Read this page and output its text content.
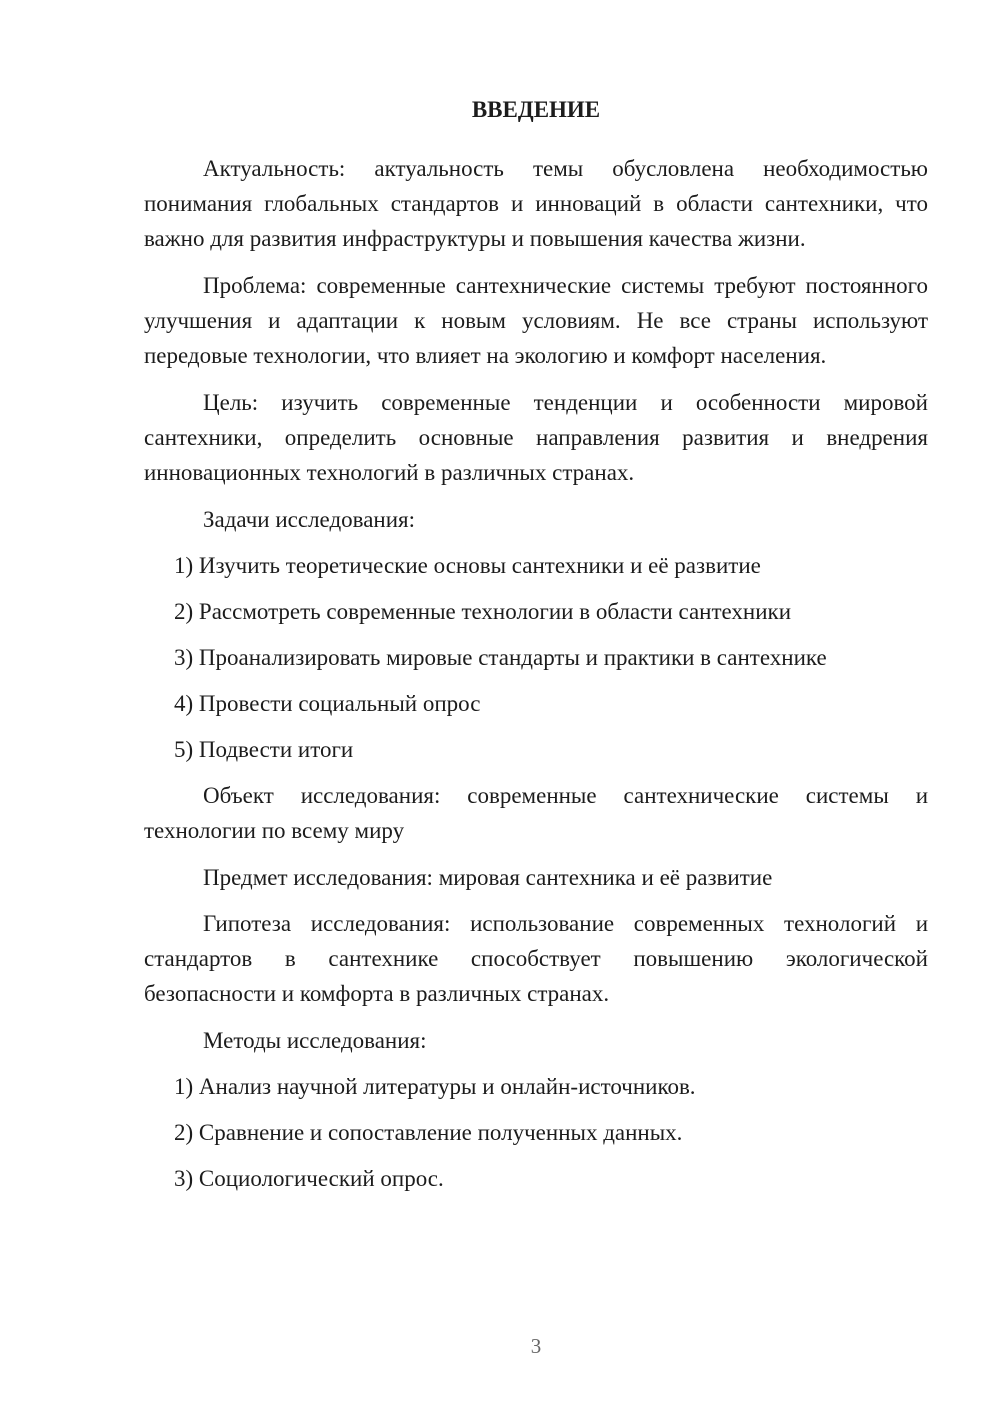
ВВЕДЕНИЕ

Актуальность: актуальность темы обусловлена необходимостью понимания глобальных стандартов и инноваций в области сантехники, что важно для развития инфраструктуры и повышения качества жизни.

Проблема: современные сантехнические системы требуют постоянного улучшения и адаптации к новым условиям. Не все страны используют передовые технологии, что влияет на экологию и комфорт населения.

Цель: изучить современные тенденции и особенности мировой сантехники, определить основные направления развития и внедрения инновационных технологий в различных странах.

Задачи исследования:

1) Изучить теоретические основы сантехники и её развитие
2) Рассмотреть современные технологии в области сантехники
3) Проанализировать мировые стандарты и практики в сантехнике
4) Провести социальный опрос
5) Подвести итоги

Объект исследования: современные сантехнические системы и технологии по всему миру

Предмет исследования: мировая сантехника и её развитие

Гипотеза исследования: использование современных технологий и стандартов в сантехнике способствует повышению экологической безопасности и комфорта в различных странах.

Методы исследования:

1) Анализ научной литературы и онлайн-источников.
2) Сравнение и сопоставление полученных данных.
3) Социологический опрос.
3
